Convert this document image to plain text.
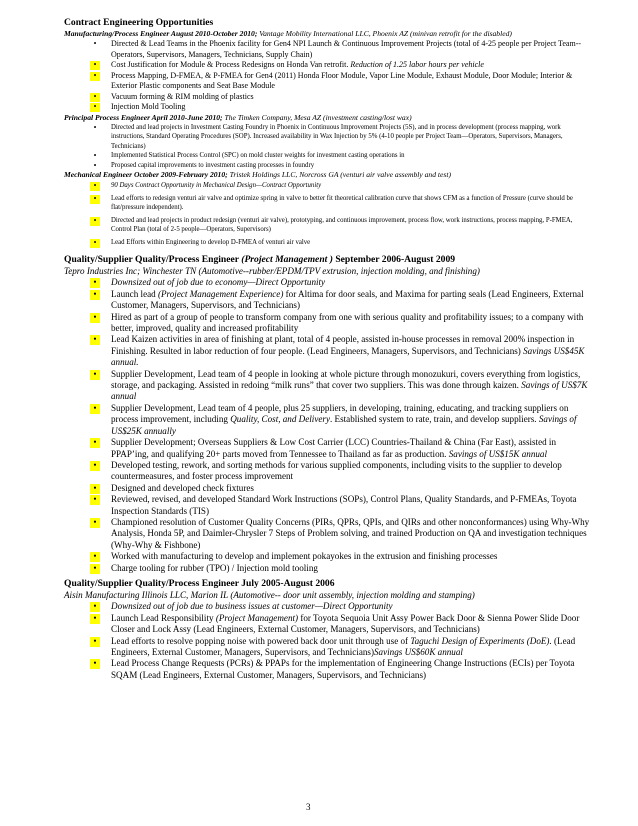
Contract Engineering Opportunities
Manufacturing/Process Engineer August 2010-October 2010; Vantage Mobility International LLC, Phoenix AZ (minivan retrofit for the disabled)
•	Directed & Lead Teams in the Phoenix facility for Gen4 NPI Launch & Continuous Improvement Projects (total of 4-25 people per Project Team--Operators, Supervisors, Managers, Technicians, Supply Chain)
•	Cost Justification for Module & Process Redesigns on Honda Van retrofit. Reduction of 1.25 labor hours per vehicle
•	Process Mapping, D-FMEA, & P-FMEA for Gen4 (2011) Honda Floor Module, Vapor Line Module, Exhaust Module, Door Module; Interior & Exterior Plastic components and Seat Base Module
•	Vacuum forming & RIM molding of plastics
•	Injection Mold Tooling
Principal Process Engineer April 2010-June 2010; The Timken Company, Mesa AZ (investment casting/lost wax)
•	Directed and lead projects in Investment Casting Foundry in Phoenix in Continuous Improvement Projects (5S), and in process development (process mapping, work instructions, Standard Operating Procedures (SOP). Increased availability in Wax Injection by 5% (4-10 people per Project Team—Operators, Supervisors, Managers, Technicians)
•	Implemented Statistical Process Control (SPC) on mold cluster weights for investment casting operations in
•	Proposed capital improvements to investment casting processes in foundry
Mechanical Engineer October 2009-February 2010; Tristek Holdings LLC, Norcross GA (venturi air valve assembly and test)
•	90 Days Contract Opportunity in Mechanical Design—Contract Opportunity
•	Lead efforts to redesign venturi air valve and optimize spring in valve to better fit theoretical calibration curve that shows CFM as a function of Pressure (curve should be flat/pressure independent).
•	Directed and lead projects in product redesign (venturi air valve), prototyping, and continuous improvement, process flow, work instructions, process mapping, P-FMEA, Control Plan (total of 2-5 people—Operators, Supervisors)
•	Lead Efforts within Engineering to develop D-FMEA of venturi air valve
Quality/Supplier Quality/Process Engineer (Project Management ) September 2006-August 2009
Tepro Industries Inc; Winchester TN (Automotive--rubber/EPDM/TPV extrusion, injection molding, and finishing)
• Downsized out of job due to economy—Direct Opportunity
• Launch lead (Project Management Experience) for Altima for door seals, and Maxima for parting seals (Lead Engineers, External Customer, Managers, Supervisors, and Technicians)
• Hired as part of a group of people to transform company from one with serious quality and profitability issues; to a company with better, improved, quality and increased profitability
• Lead Kaizen activities in area of finishing at plant, total of 4 people, assisted in-house processes in removal 200% inspection in Finishing. Resulted in labor reduction of four people. (Lead Engineers, Managers, Supervisors, and Technicians) Savings US$45K annual.
• Supplier Development, Lead team of 4 people in looking at whole picture through monozukuri, covers everything from logistics, storage, and packaging. Assisted in redoing “milk runs” that cover two suppliers. This was done through kaizen. Savings of US$7K annual
• Supplier Development, Lead team of 4 people, plus 25 suppliers, in developing, training, educating, and tracking suppliers on process improvement, including Quality, Cost, and Delivery. Established system to rate, train, and develop suppliers. Savings of US$25K annually
• Supplier Development; Overseas Suppliers & Low Cost Carrier (LCC) Countries-Thailand & China (Far East), assisted in PPAP’ing, and qualifying 20+ parts moved from Tennessee to Thailand as far as production. Savings of US$15K annual
• Developed testing, rework, and sorting methods for various supplied components, including visits to the supplier to develop countermeasures, and foster process improvement
• Designed and developed check fixtures
• Reviewed, revised, and developed Standard Work Instructions (SOPs), Control Plans, Quality Standards, and P-FMEAs, Toyota Inspection Standards (TIS)
• Championed resolution of Customer Quality Concerns (PIRs, QPRs, QPIs, and QIRs and other nonconformances) using Why-Why Analysis, Honda 5P, and Daimler-Chrysler 7 Steps of Problem solving, and trained Production on QA and investigation techniques (Why-Why & Fishbone)
• Worked with manufacturing to develop and implement pokayokes in the extrusion and finishing processes
• Charge tooling for rubber (TPO) / Injection mold tooling
Quality/Supplier Quality/Process Engineer July 2005-August 2006
Aisin Manufacturing Illinois LLC, Marion IL (Automotive-- door unit assembly, injection molding and stamping)
• Downsized out of job due to business issues at customer—Direct Opportunity
• Launch Lead Responsibility (Project Management) for Toyota Sequoia Unit Assy Power Back Door & Sienna Power Slide Door Closer and Lock Assy (Lead Engineers, External Customer, Managers, Supervisors, and Technicians)
• Lead efforts to resolve popping noise with powered back door unit through use of Taguchi Design of Experiments (DoE). (Lead Engineers, External Customer, Managers, Supervisors, and Technicians)Savings US$60K annual
• Lead Process Change Requests (PCRs) & PPAPs for the implementation of Engineering Change Instructions (ECIs) per Toyota SQAM (Lead Engineers, External Customer, Managers, Supervisors, and Technicians)
3
